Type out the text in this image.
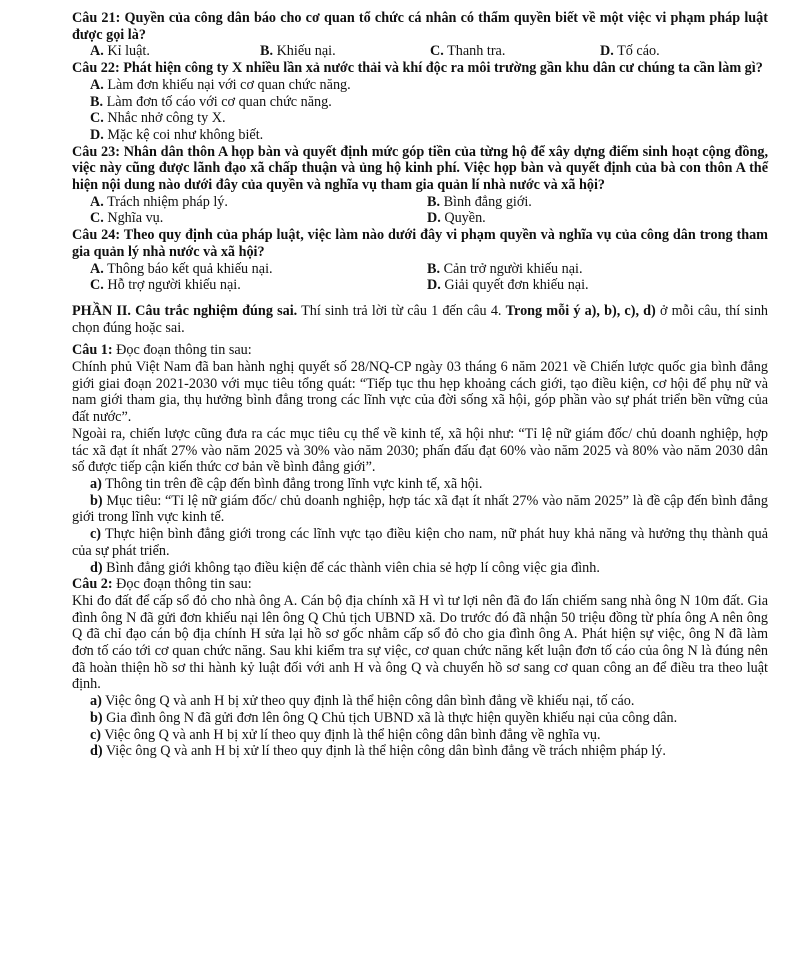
Câu 21: Quyền của công dân báo cho cơ quan tổ chức cá nhân có thẩm quyền biết về một việc vi phạm pháp luật được gọi là?

A. Kỉ luật.	B. Khiếu nại.	C. Thanh tra.	D. Tố cáo.

Câu 22: Phát hiện công ty X nhiều lần xả nước thải và khí độc ra môi trường gần khu dân cư chúng ta cần làm gì?

A. Làm đơn khiếu nại với cơ quan chức năng.
B. Làm đơn tố cáo với cơ quan chức năng.
C. Nhắc nhở công ty X.
D. Mặc kệ coi như không biết.

Câu 23: Nhân dân thôn A họp bàn và quyết định mức góp tiền của từng hộ để xây dựng điểm sinh hoạt cộng đồng, việc này cũng được lãnh đạo xã chấp thuận và ủng hộ kinh phí. Việc họp bàn và quyết định của bà con thôn A thể hiện nội dung nào dưới đây của quyền và nghĩa vụ tham gia quản lí nhà nước và xã hội?

A. Trách nhiệm pháp lý.	B. Bình đẳng giới.
C. Nghĩa vụ.	D. Quyền.

Câu 24: Theo quy định của pháp luật, việc làm nào dưới đây vi phạm quyền và nghĩa vụ của công dân trong tham gia quản lý nhà nước và xã hội?

A. Thông báo kết quả khiếu nại.	B. Cản trở người khiếu nại.
C. Hỗ trợ người khiếu nại.	D. Giải quyết đơn khiếu nại.

PHẦN II. Câu trắc nghiệm đúng sai. Thí sinh trả lời từ câu 1 đến câu 4. Trong mỗi ý a), b), c), d) ở mỗi câu, thí sinh chọn đúng hoặc sai.

Câu 1: Đọc đoạn thông tin sau:

Chính phủ Việt Nam đã ban hành nghị quyết số 28/NQ-CP ngày 03 tháng 6 năm 2021 về Chiến lược quốc gia bình đẳng giới giai đoạn 2021-2030 với mục tiêu tổng quát: “Tiếp tục thu hẹp khoảng cách giới, tạo điều kiện, cơ hội để phụ nữ và nam giới tham gia, thụ hưởng bình đẳng trong các lĩnh vực của đời sống xã hội, góp phần vào sự phát triển bền vững của đất nước”.

Ngoài ra, chiến lược cũng đưa ra các mục tiêu cụ thể về kinh tế, xã hội như: “Tỉ lệ nữ giám đốc/ chủ doanh nghiệp, hợp tác xã đạt ít nhất 27% vào năm 2025 và 30% vào năm 2030; phấn đấu đạt 60% vào năm 2025 và 80% vào năm 2030 dân số được tiếp cận kiến thức cơ bản về bình đẳng giới”.

a) Thông tin trên đề cập đến bình đẳng trong lĩnh vực kinh tế, xã hội.

b) Mục tiêu: “Tỉ lệ nữ giám đốc/ chủ doanh nghiệp, hợp tác xã đạt ít nhất 27% vào năm 2025” là đề cập đến bình đẳng giới trong lĩnh vực kinh tế.

c) Thực hiện bình đẳng giới trong các lĩnh vực tạo điều kiện cho nam, nữ phát huy khả năng và hưởng thụ thành quả của sự phát triển.

d) Bình đẳng giới không tạo điều kiện để các thành viên chia sẻ hợp lí công việc gia đình.

Câu 2: Đọc đoạn thông tin sau:

Khi đo đất để cấp sổ đỏ cho nhà ông A. Cán bộ địa chính xã H vì tư lợi nên đã đo lấn chiếm sang nhà ông N 10m đất. Gia đình ông N đã gửi đơn khiếu nại lên ông Q Chủ tịch UBND xã. Do trước đó đã nhận 50 triệu đồng từ phía ông A nên ông Q đã chỉ đạo cán bộ địa chính H sửa lại hồ sơ gốc nhằm cấp sổ đỏ cho gia đình ông A. Phát hiện sự việc, ông N đã làm đơn tố cáo tới cơ quan chức năng. Sau khi kiểm tra sự việc, cơ quan chức năng kết luận đơn tố cáo của ông N là đúng nên đã hoàn thiện hồ sơ thi hành kỷ luật đối với anh H và ông Q và chuyển hồ sơ sang cơ quan công an để điều tra theo luật định.

a) Việc ông Q và anh H bị xử theo quy định là thể hiện công dân bình đẳng về khiếu nại, tố cáo.

b) Gia đình ông N đã gửi đơn lên ông Q Chủ tịch UBND xã là thực hiện quyền khiếu nại của công dân.

c) Việc ông Q và anh H bị xử lí theo quy định là thể hiện công dân bình đẳng về nghĩa vụ.

d) Việc ông Q và anh H bị xử lí theo quy định là thể hiện công dân bình đẳng về trách nhiệm pháp lý.
